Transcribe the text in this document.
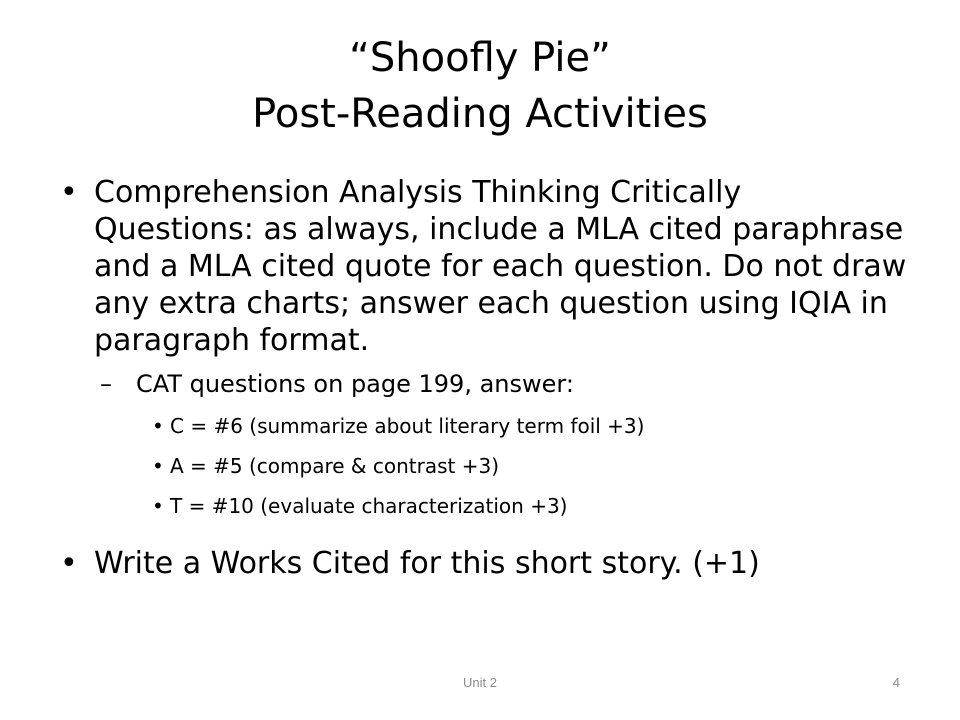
“Shoofly Pie”
Post-Reading Activities
• Comprehension Analysis Thinking Critically Questions: as always, include a MLA cited paraphrase and a MLA cited quote for each question. Do not draw any extra charts; answer each question using IQIA in paragraph format.
– CAT questions on page 199, answer:
• C = #6 (summarize about literary term foil +3)
• A = #5 (compare & contrast +3)
• T = #10 (evaluate characterization +3)
• Write a Works Cited for this short story. (+1)
Unit 2	4
